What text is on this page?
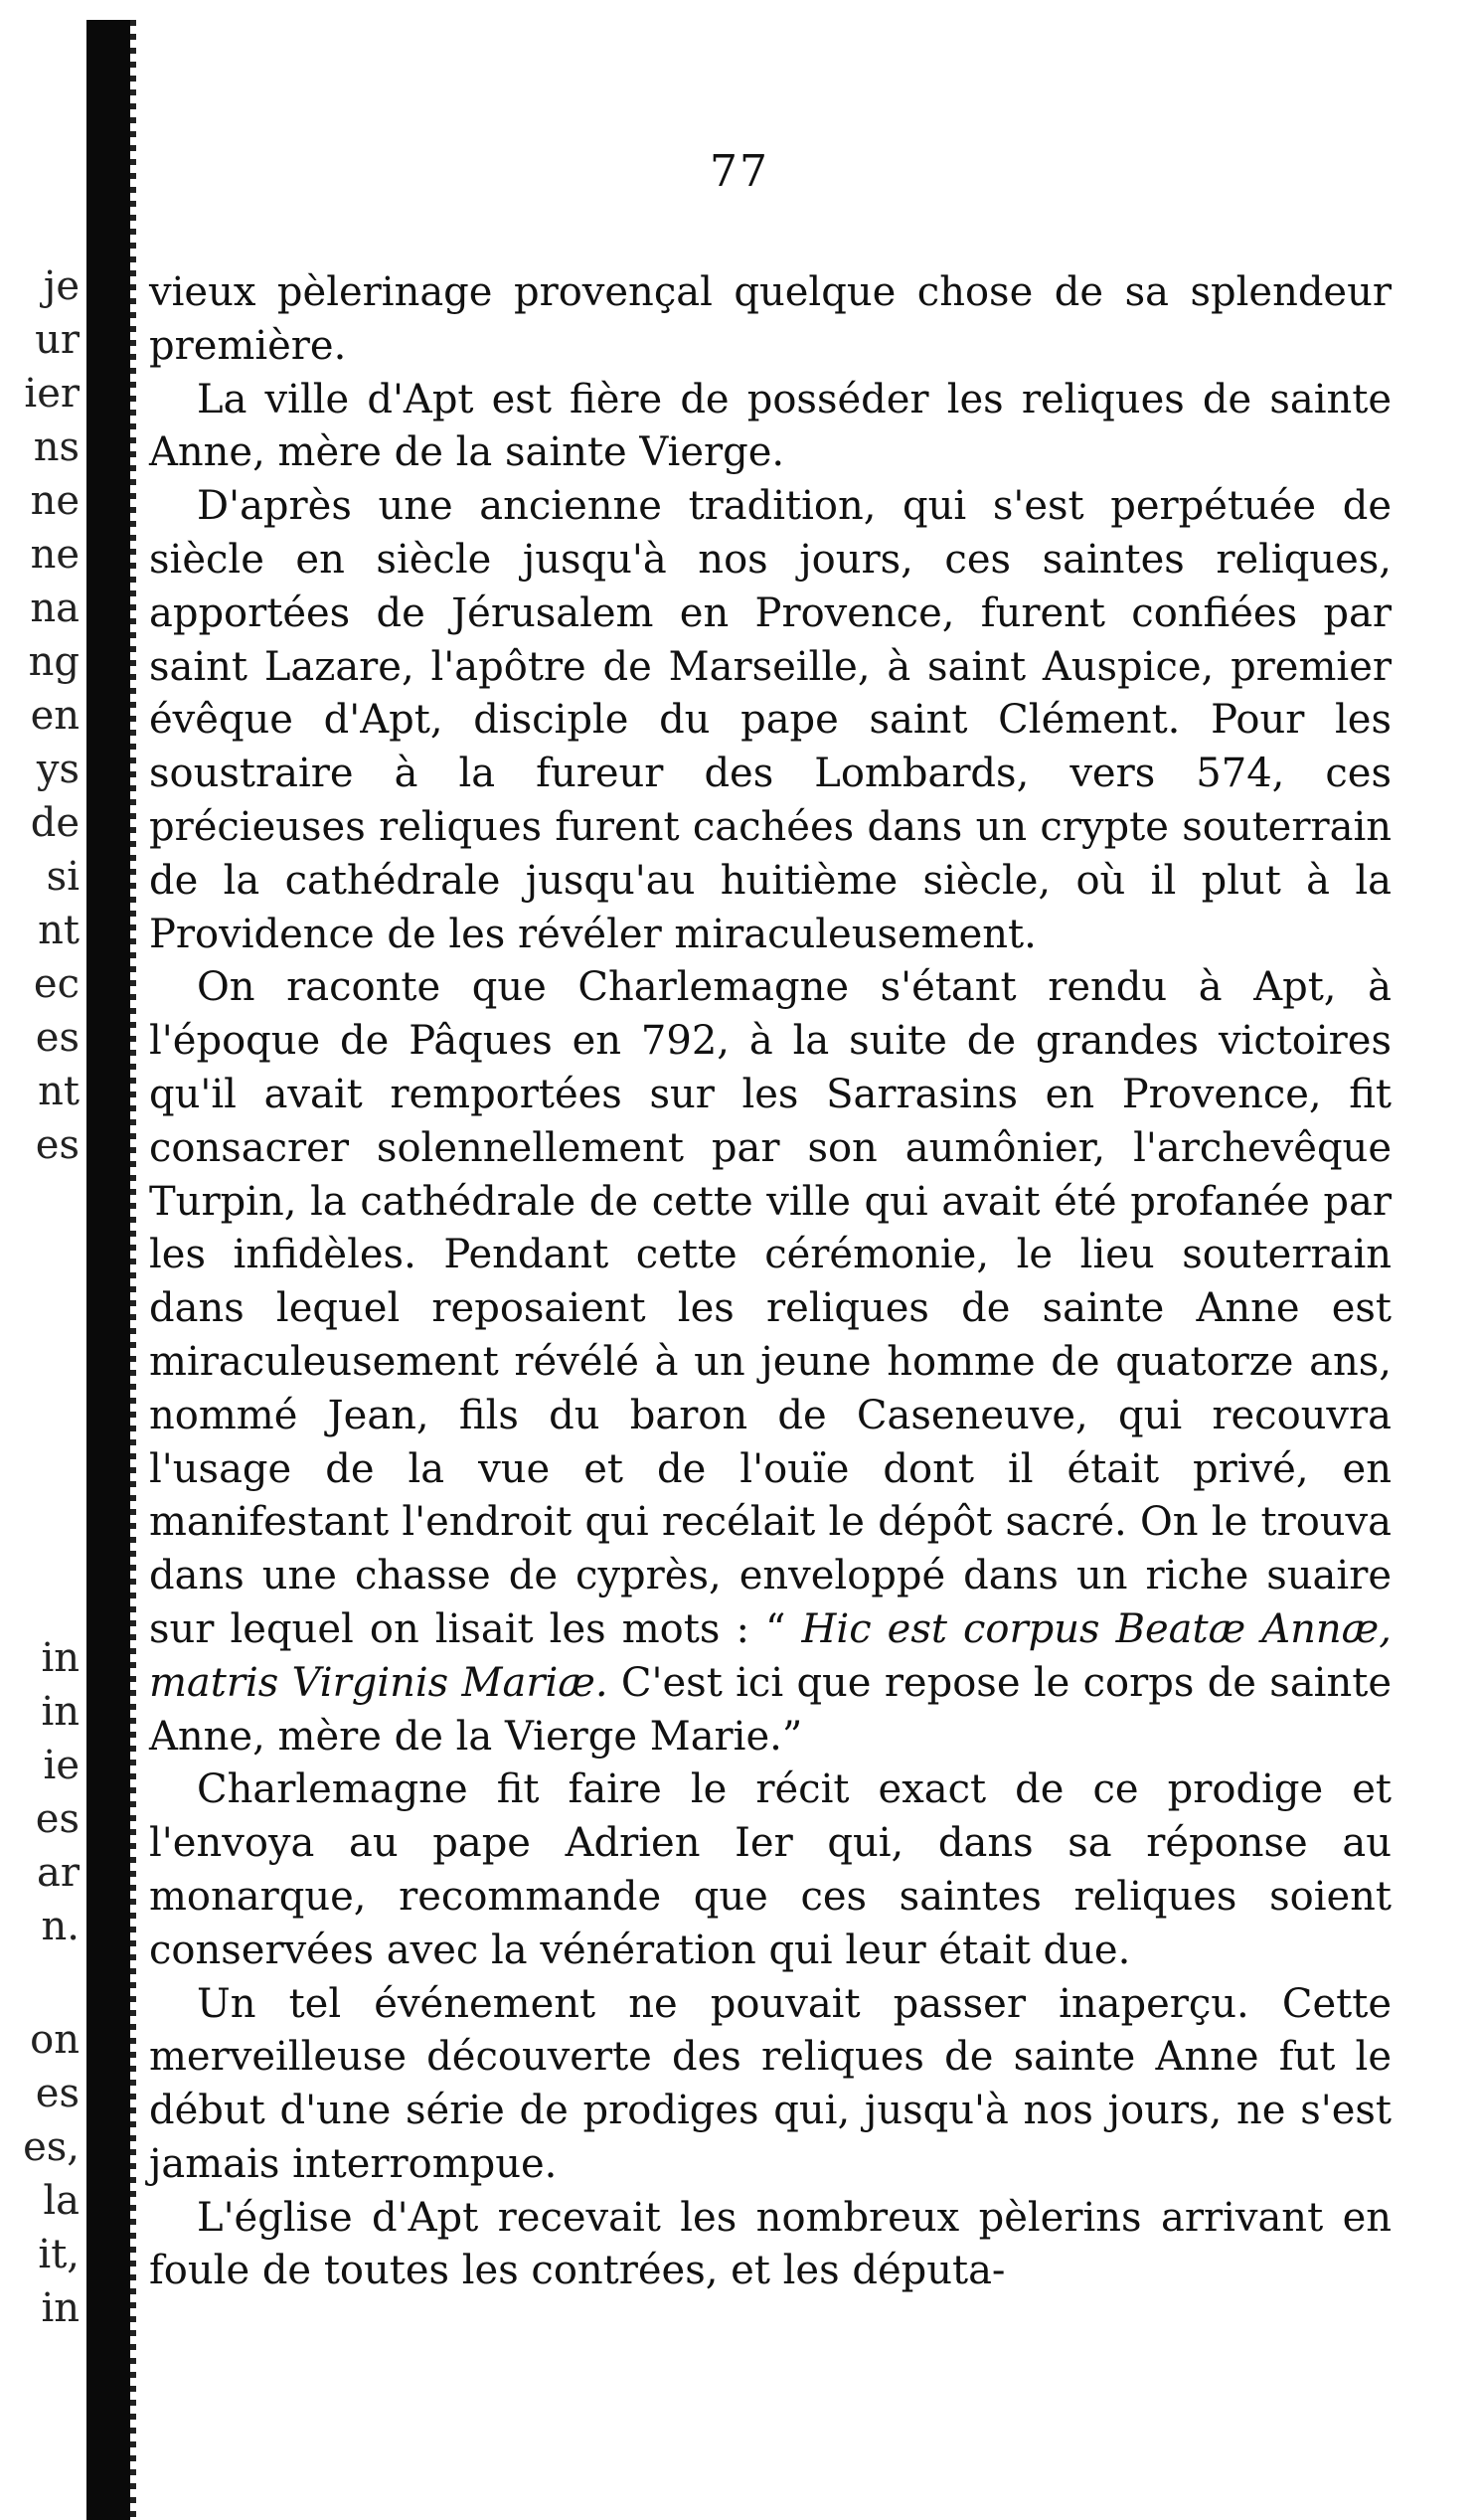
je
ur
ier
ns
ne
ne
na
ng
en
ys
de
si
nt
ec
es
nt
es
in
in
ie
es
ar
n.
on
es
es,
la
it,
in
77

vieux pèlerinage provençal quelque chose de sa splendeur première.

La ville d'Apt est fière de posséder les reliques de sainte Anne, mère de la sainte Vierge.

D'après une ancienne tradition, qui s'est perpétuée de siècle en siècle jusqu'à nos jours, ces saintes reliques, apportées de Jérusalem en Provence, furent confiées par saint Lazare, l'apôtre de Marseille, à saint Auspice, premier évêque d'Apt, disciple du pape saint Clément. Pour les soustraire à la fureur des Lombards, vers 574, ces précieuses reliques furent cachées dans un crypte souterrain de la cathédrale jusqu'au huitième siècle, où il plut à la Providence de les révéler miraculeusement.

On raconte que Charlemagne s'étant rendu à Apt, à l'époque de Pâques en 792, à la suite de grandes victoires qu'il avait remportées sur les Sarrasins en Provence, fit consacrer solennellement par son aumônier, l'archevêque Turpin, la cathédrale de cette ville qui avait été profanée par les infidèles. Pendant cette cérémonie, le lieu souterrain dans lequel reposaient les reliques de sainte Anne est miraculeusement révélé à un jeune homme de quatorze ans, nommé Jean, fils du baron de Caseneuve, qui recouvra l'usage de la vue et de l'ouïe dont il était privé, en manifestant l'endroit qui recélait le dépôt sacré. On le trouva dans une chasse de cyprès, enveloppé dans un riche suaire sur lequel on lisait les mots : “ Hic est corpus Beatæ Annæ, matris Virginis Mariæ. C'est ici que repose le corps de sainte Anne, mère de la Vierge Marie.”

Charlemagne fit faire le récit exact de ce prodige et l'envoya au pape Adrien Ier qui, dans sa réponse au monarque, recommande que ces saintes reliques soient conservées avec la vénération qui leur était due.

Un tel événement ne pouvait passer inaperçu. Cette merveilleuse découverte des reliques de sainte Anne fut le début d'une série de prodiges qui, jusqu'à nos jours, ne s'est jamais interrompue.

L'église d'Apt recevait les nombreux pèlerins arrivant en foule de toutes les contrées, et les députa-
